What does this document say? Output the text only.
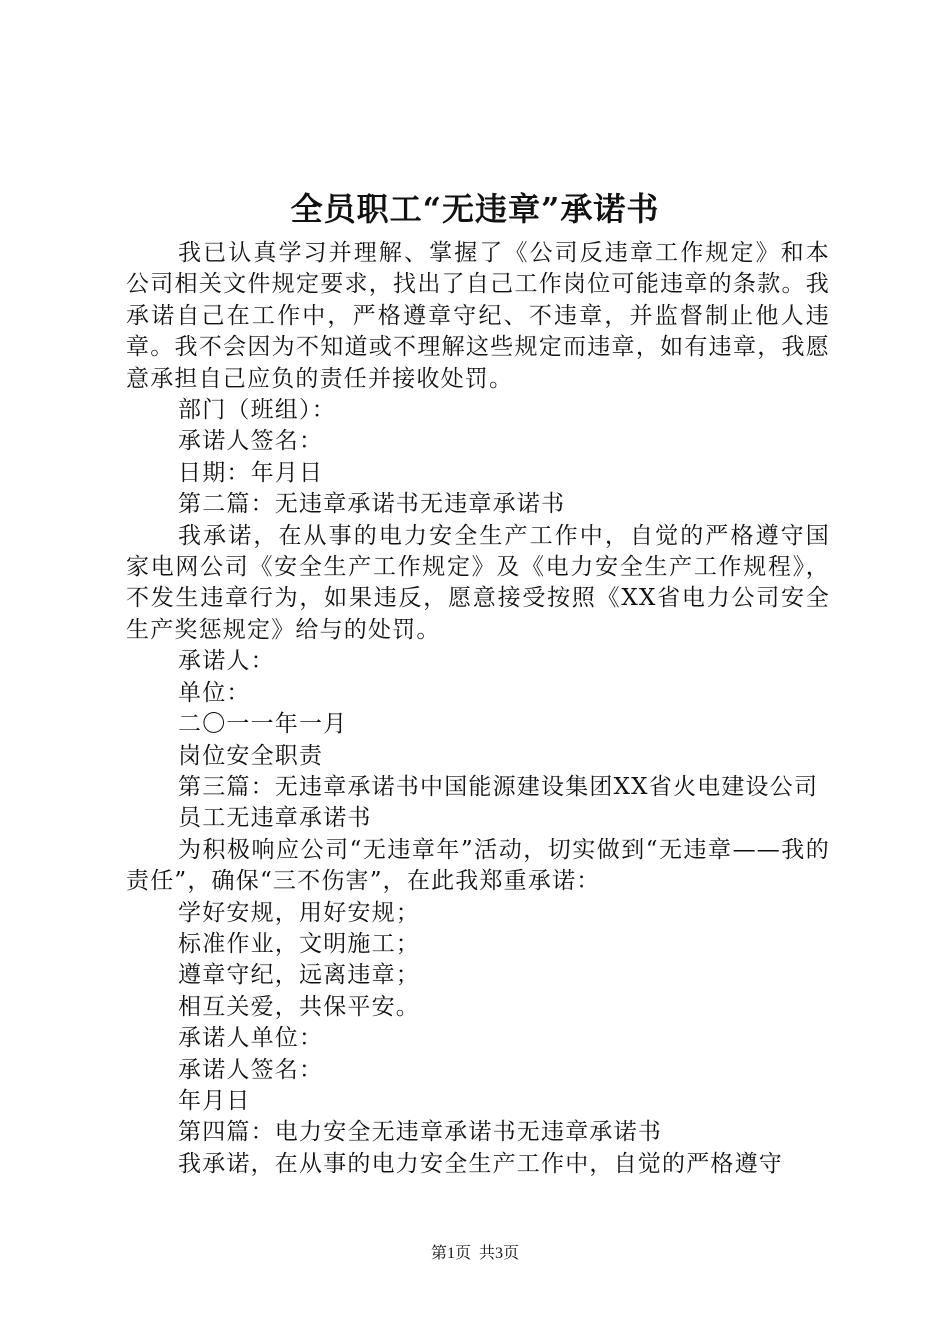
全员职工“无违章”承诺书

我已认真学习并理解、掌握了《公司反违章工作规定》和本公司相关文件规定要求，找出了自己工作岗位可能违章的条款。我承诺自己在工作中，严格遵章守纪、不违章，并监督制止他人违章。我不会因为不知道或不理解这些规定而违章，如有违章，我愿意承担自己应负的责任并接收处罚。

部门（班组）：

承诺人签名：

日期：年月日

第二篇：无违章承诺书无违章承诺书

我承诺，在从事的电力安全生产工作中，自觉的严格遵守国家电网公司《安全生产工作规定》及《电力安全生产工作规程》，不发生违章行为，如果违反，愿意接受按照《XX省电力公司安全生产奖惩规定》给与的处罚。

承诺人：

单位：

二〇一一年一月

岗位安全职责

第三篇：无违章承诺书中国能源建设集团XX省火电建设公司

员工无违章承诺书

为积极响应公司“无违章年”活动，切实做到“无违章——我的责任”，确保“三不伤害”，在此我郑重承诺：

学好安规，用好安规；

标准作业，文明施工；

遵章守纪，远离违章；

相互关爱，共保平安。

承诺人单位：

承诺人签名：

年月日

第四篇：电力安全无违章承诺书无违章承诺书

我承诺，在从事的电力安全生产工作中，自觉的严格遵守

第1页 共3页
